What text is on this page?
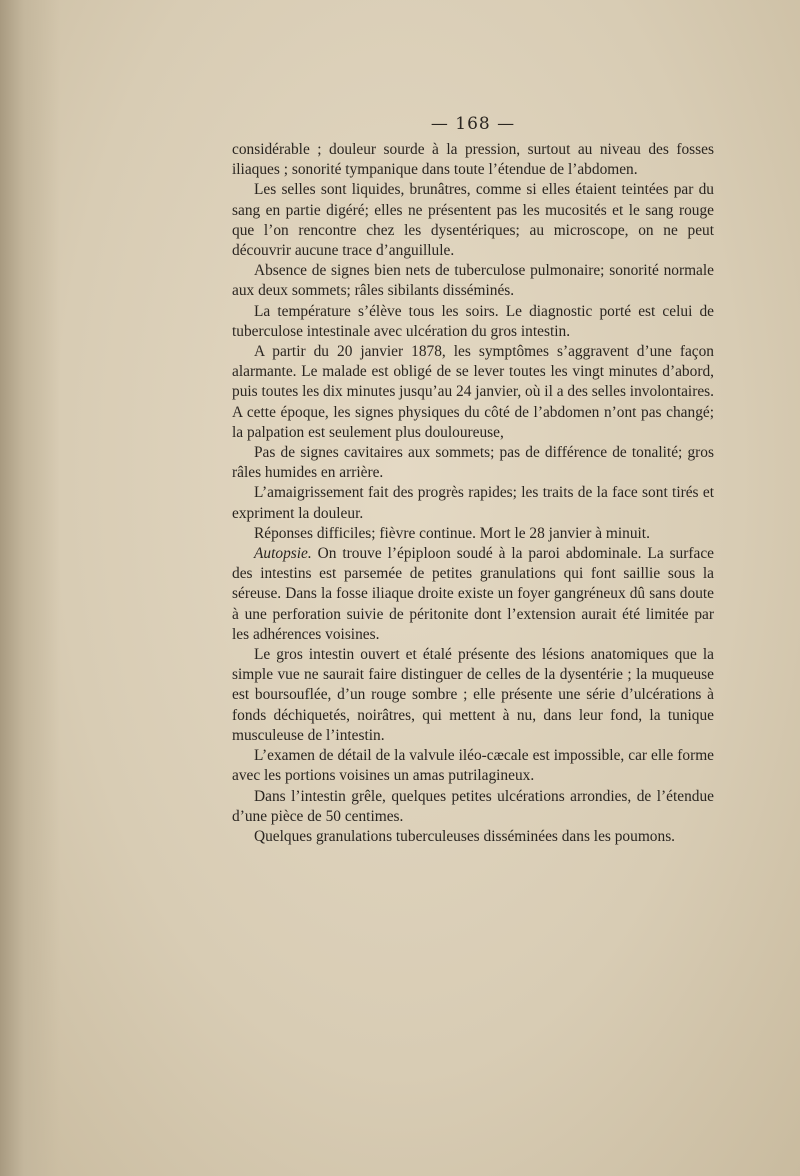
— 168 —

considérable ; douleur sourde à la pression, surtout au niveau des fosses iliaques ; sonorité tympanique dans toute l’étendue de l’abdomen.

Les selles sont liquides, brunâtres, comme si elles étaient teintées par du sang en partie digéré; elles ne présentent pas les mucosités et le sang rouge que l’on rencontre chez les dysentériques; au microscope, on ne peut découvrir aucune trace d’anguillule.

Absence de signes bien nets de tuberculose pulmonaire; sonorité normale aux deux sommets; râles sibilants disséminés.

La température s’élève tous les soirs. Le diagnostic porté est celui de tuberculose intestinale avec ulcération du gros intestin.

A partir du 20 janvier 1878, les symptômes s’aggravent d’une façon alarmante. Le malade est obligé de se lever toutes les vingt minutes d’abord, puis toutes les dix minutes jusqu’au 24 janvier, où il a des selles involontaires. A cette époque, les signes physiques du côté de l’abdomen n’ont pas changé; la palpation est seulement plus douloureuse,

Pas de signes cavitaires aux sommets; pas de différence de tonalité; gros râles humides en arrière.

L’amaigrissement fait des progrès rapides; les traits de la face sont tirés et expriment la douleur.

Réponses difficiles; fièvre continue. Mort le 28 janvier à minuit.

Autopsie. On trouve l’épiploon soudé à la paroi abdominale. La surface des intestins est parsemée de petites granulations qui font saillie sous la séreuse. Dans la fosse iliaque droite existe un foyer gangréneux dû sans doute à une perforation suivie de péritonite dont l’extension aurait été limitée par les adhérences voisines.

Le gros intestin ouvert et étalé présente des lésions anatomiques que la simple vue ne saurait faire distinguer de celles de la dysentérie ; la muqueuse est boursouflée, d’un rouge sombre ; elle présente une série d’ulcérations à fonds déchiquetés, noirâtres, qui mettent à nu, dans leur fond, la tunique musculeuse de l’intestin.

L’examen de détail de la valvule iléo-cæcale est impossible, car elle forme avec les portions voisines un amas putrilagineux.

Dans l’intestin grêle, quelques petites ulcérations arrondies, de l’étendue d’une pièce de 50 centimes.

Quelques granulations tuberculeuses disséminées dans les poumons.
